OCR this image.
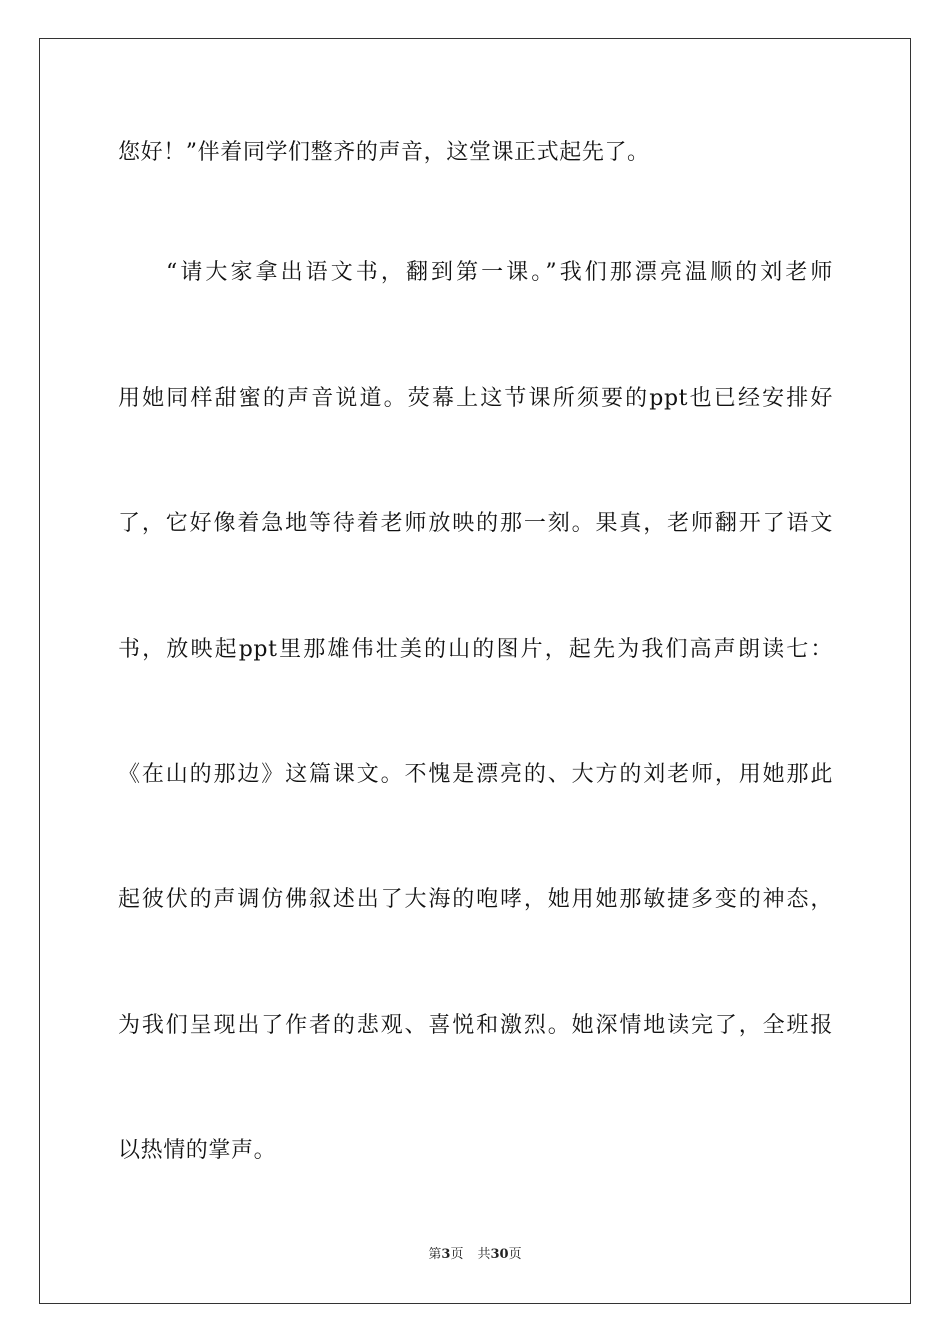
您好！”伴着同学们整齐的声音，这堂课正式起先了。

“请大家拿出语文书，翻到第一课。”我们那漂亮温顺的刘老师

用她同样甜蜜的声音说道。荧幕上这节课所须要的ppt也已经安排好

了，它好像着急地等待着老师放映的那一刻。果真，老师翻开了语文

书，放映起ppt里那雄伟壮美的山的图片，起先为我们高声朗读七：

《在山的那边》这篇课文。不愧是漂亮的、大方的刘老师，用她那此

起彼伏的声调仿佛叙述出了大海的咆哮，她用她那敏捷多变的神态，

为我们呈现出了作者的悲观、喜悦和激烈。她深情地读完了，全班报

以热情的掌声。

第3页 共30页
